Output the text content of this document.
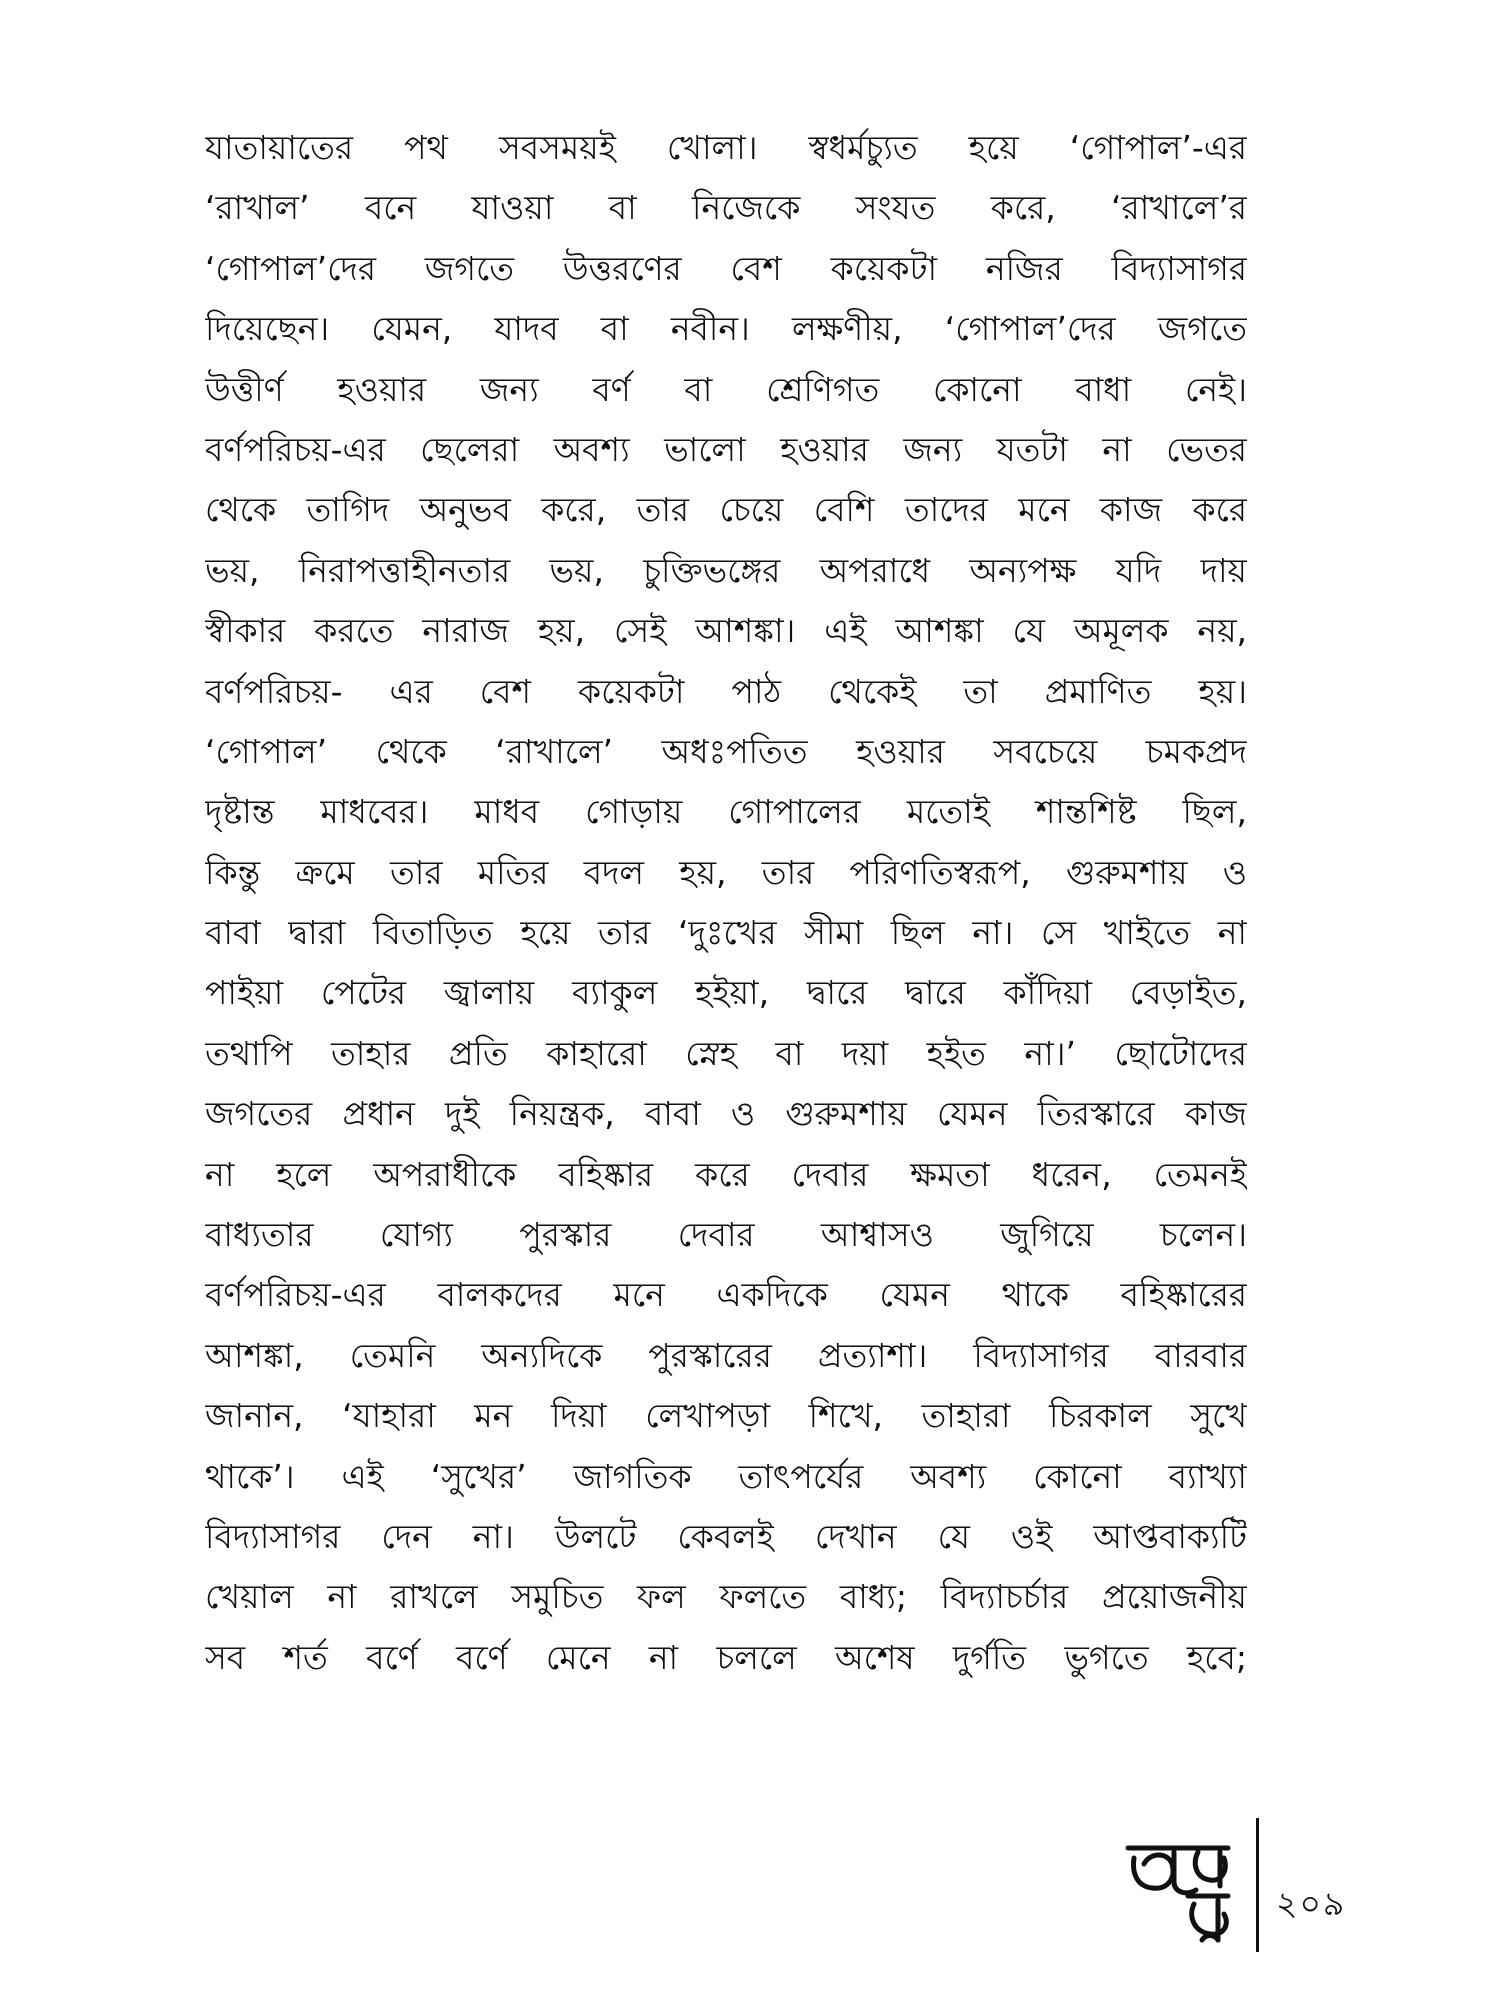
যাতায়াতের পথ সবসময়ই খোলা। স্বধর্মচ্যুত হয়ে ‘গোপাল’-এর
‘রাখাল’ বনে যাওয়া বা নিজেকে সংযত করে, ‘রাখালে’র
‘গোপাল’দের জগতে উত্তরণের বেশ কয়েকটা নজির বিদ্যাসাগর
দিয়েছেন। যেমন, যাদব বা নবীন। লক্ষণীয়, ‘গোপাল’দের জগতে
উত্তীর্ণ হওয়ার জন্য বর্ণ বা শ্রেণিগত কোনো বাধা নেই।
বর্ণপরিচয়-এর ছেলেরা অবশ্য ভালো হওয়ার জন্য যতটা না ভেতর
থেকে তাগিদ অনুভব করে, তার চেয়ে বেশি তাদের মনে কাজ করে
ভয়, নিরাপত্তাহীনতার ভয়, চুক্তিভঙ্গের অপরাধে অন্যপক্ষ যদি দায়
স্বীকার করতে নারাজ হয়, সেই আশঙ্কা। এই আশঙ্কা যে অমূলক নয়,
বর্ণপরিচয়- এর বেশ কয়েকটা পাঠ থেকেই তা প্রমাণিত হয়।
‘গোপাল’ থেকে ‘রাখালে’ অধঃপতিত হওয়ার সবচেয়ে চমকপ্রদ
দৃষ্টান্ত মাধবের। মাধব গোড়ায় গোপালের মতোই শান্তশিষ্ট ছিল,
কিন্তু ক্রমে তার মতির বদল হয়, তার পরিণতিস্বরূপ, গুরুমশায় ও
বাবা দ্বারা বিতাড়িত হয়ে তার ‘দুঃখের সীমা ছিল না। সে খাইতে না
পাইয়া পেটের জ্বালায় ব্যাকুল হইয়া, দ্বারে দ্বারে কাঁদিয়া বেড়াইত,
তথাপি তাহার প্রতি কাহারো স্নেহ বা দয়া হইত না।’ ছোটোদের
জগতের প্রধান দুই নিয়ন্ত্রক, বাবা ও গুরুমশায় যেমন তিরস্কারে কাজ
না হলে অপরাধীকে বহিষ্কার করে দেবার ক্ষমতা ধরেন, তেমনই
বাধ্যতার যোগ্য পুরস্কার দেবার আশ্বাসও জুগিয়ে চলেন।
বর্ণপরিচয়-এর বালকদের মনে একদিকে যেমন থাকে বহিষ্কারের
আশঙ্কা, তেমনি অন্যদিকে পুরস্কারের প্রত্যাশা। বিদ্যাসাগর বারবার
জানান, ‘যাহারা মন দিয়া লেখাপড়া শিখে, তাহারা চিরকাল সুখে
থাকে’। এই ‘সুখের’ জাগতিক তাৎপর্যের অবশ্য কোনো ব্যাখ্যা
বিদ্যাসাগর দেন না। উলটে কেবলই দেখান যে ওই আপ্তবাক্যটি
খেয়াল না রাখলে সমুচিত ফল ফলতে বাধ্য; বিদ্যাচর্চার প্রয়োজনীয়
সব শর্ত বর্ণে বর্ণে মেনে না চললে অশেষ দুর্গতি ভুগতে হবে;
২০৯
